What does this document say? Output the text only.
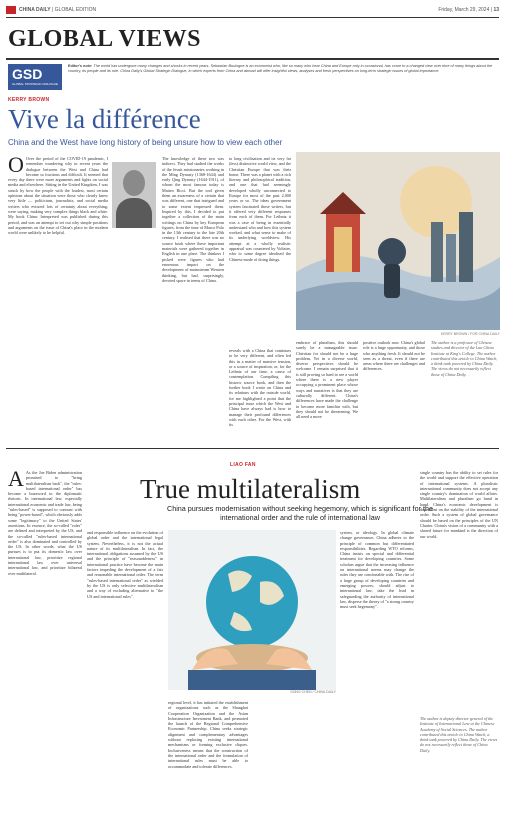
CHINA DAILY | GLOBAL EDITION	Friday, March 29, 2024 | 13
GLOBAL VIEWS
GSD
GLOBAL STRATEGIC DIALOGUE
Editor's note: The world has undergone many changes and shocks in recent years. Sebastian Boulogne is an economist who, like so many who hear China and Europe only in occasional, has come to a changed view over time of many things about the country, its people and its role. China Daily's Global Strategic Dialogue, in which experts from China and abroad will offer insightful views, analyses and fresh perspectives on long-term strategic issues of global importance.
KERRY BROWN
Vive la différence
China and the West have long history of being unsure how to view each other
O Over the period of the COVID-19 pandemic, I remember wondering why in recent years the dialogue between the West and China had become so fractious and difficult. It seemed that every day there were more arguments and fights on social media and elsewhere. Sitting in the United Kingdom, I was struck by how the people with the loudest, most certain opinions about the situation were those who clearly knew very little — politicians, journalists, and social media writers who evinced lots of certainty about everything, were saying, making very complex things black and white. My book China: Interpreted was published during this period, and was an attempt to set out why simple positions and arguments on the issue of China's place in the modern world were unlikely to be helpful.
The knowledge of these two was indirect. They had studied the works of the Jesuit missionaries working in the Ming Dynasty (1368-1644) and early Qing Dynasty (1644-1911), of whom the most famous today is Matteo Ricci. But the tool given them an awareness of a certain that was different, one that intrigued and to some extent impressed them. Inspired by this, I decided to put together a collection of the main writings on China by key European figures, from the time of Marco Polo in the 13th century to the late 20th century. I realised that there was no source book where these important materials were gathered together in English in one place. The thinkers I picked were figures who had enormous impact on the development of mainstream Western thinking, but had, surprisingly, devoted space in terms of China.
to long civilisation and its very far (less) distinctive world view, and the Christian Europe that was their home. There was a planet with a rich literary and philosophical tradition, and one that had seemingly developed wholly unconnected to Europe for most of the past 2,000 years or so. The ideas government system fascinated those writers, but it offered very different responses from each of them. For Leibniz it was a case of being in essentially understand who and how this system worked, and what sense to make of its underlying worldview. His attempt at a wholly realistic appraisal was countered by Voltaire, who to some degree idealised the Chinese mode of doing things.
KERRY BROWN / FOR CHINA DAILY
reveals with a China that continues to be very different, and often led this in a matter of massive tension, or a source of inspiration, or, for the Leibniz of our time, a cause of contemplation. Compiling this historic source book, and then the further book I wrote on China and its relations with the outside world, for me highlighted a point that the principal issue which the West and China have always had is how to manage their profound differences with each other. For the West, with its
embrace of pluralism, this should surely be a manageable issue. Christian for should not be a huge problem. Yet in a diverse world, diverse perspectives should be welcome. I remain surprised that it is still proving so hard to see a world where there is a new player occupying a prominent place whose ways and narratives is that they are culturally different. China's differences have made the challenge to become more familiar with, but they should not be threatening. We all need a more
positive outlook now. China's global role is a huge opportunity, and those who anything fresh. It should not be seen as a threat, even if there are areas where there are challenges and differences.
The author is a professor of Chinese studies and director of the Lau China Institute at King's College. The author contributed this article to China Watch, a think tank powered by China Daily. The views do not necessarily reflect those of China Daily.
LIAO FAN
True multilateralism
China pursues modernisation without seeking hegemony, which is significant for the international order and the rule of international law
A As the Joe Biden administration promised to "bring multilateralism back", the "rules-based international order" has become a buzzword in the diplomatic rhetoric. In international law, especially international economic and trade law, being "rules-based" is supposed to contrast with being "power-based", which obviously adds some "legitimacy" to the United States' assertions. In essence, the so-called "rules" are defined and interpreted by the US, and the so-called "rules-based international order" is also dominated and controlled by the US. In other words, what the US pursues is to put its domestic law over international law, prioritize regional international law over universal international law, and prioritize bilateral over multilateral.
and responsible influence on the evolution of global order and the international legal system. Nevertheless, it is not the actual nature of its multilateralism. In fact, the international obligations assumed by the US and the principle of "reasonableness" in international practice have become the main factors impeding the development of a fair and reasonable international order. The term "rules-based international order" as wielded by the US is only selective multilateralism and a way of excluding alternative to "the US and international rules".
SONG CHEN / CHINA DAILY
regional level, it has initiated the establishment of organizations such as the Shanghai Cooperation Organization and the Asian Infrastructure Investment Bank, and promoted the launch of the Regional Comprehensive Economic Partnership. China seeks strategic alignment and complementary advantages without replacing existing international mechanisms or forming exclusive cliques. Inclusiveness means that the construction of the international order and the formulation of international rules must be able to accommodate and tolerate differences.
system, or ideology. In global climate change governance, China adheres to the principle of common but differentiated responsibilities. Regarding WTO reforms, China insists on special and differential treatment for developing countries. Some scholars argue that the increasing influence on international norms may change the rules they are comfortable with. The rise of a large group of developing countries and emerging powers, should adjust to international law, take the lead in safeguarding the authority of international law, disperse the theory of "a strong country must seek hegemony".
single country has the ability to set rules for the world and support the effective operation of international systems. A pluralistic international community does not accept any single country's domination of world affairs. Multilateralism and pluralism go hand in hand. China's economic development is dependent on the stability of the international order. Such a system of global governance should be based on the principles of the UN Charter. China's vision of a community with a shared future for mankind is the direction of our world.
The author is deputy director general of the Institute of International Law at the Chinese Academy of Social Sciences. The author contributed this article to China Watch, a think tank powered by China Daily. The views do not necessarily reflect those of China Daily.
